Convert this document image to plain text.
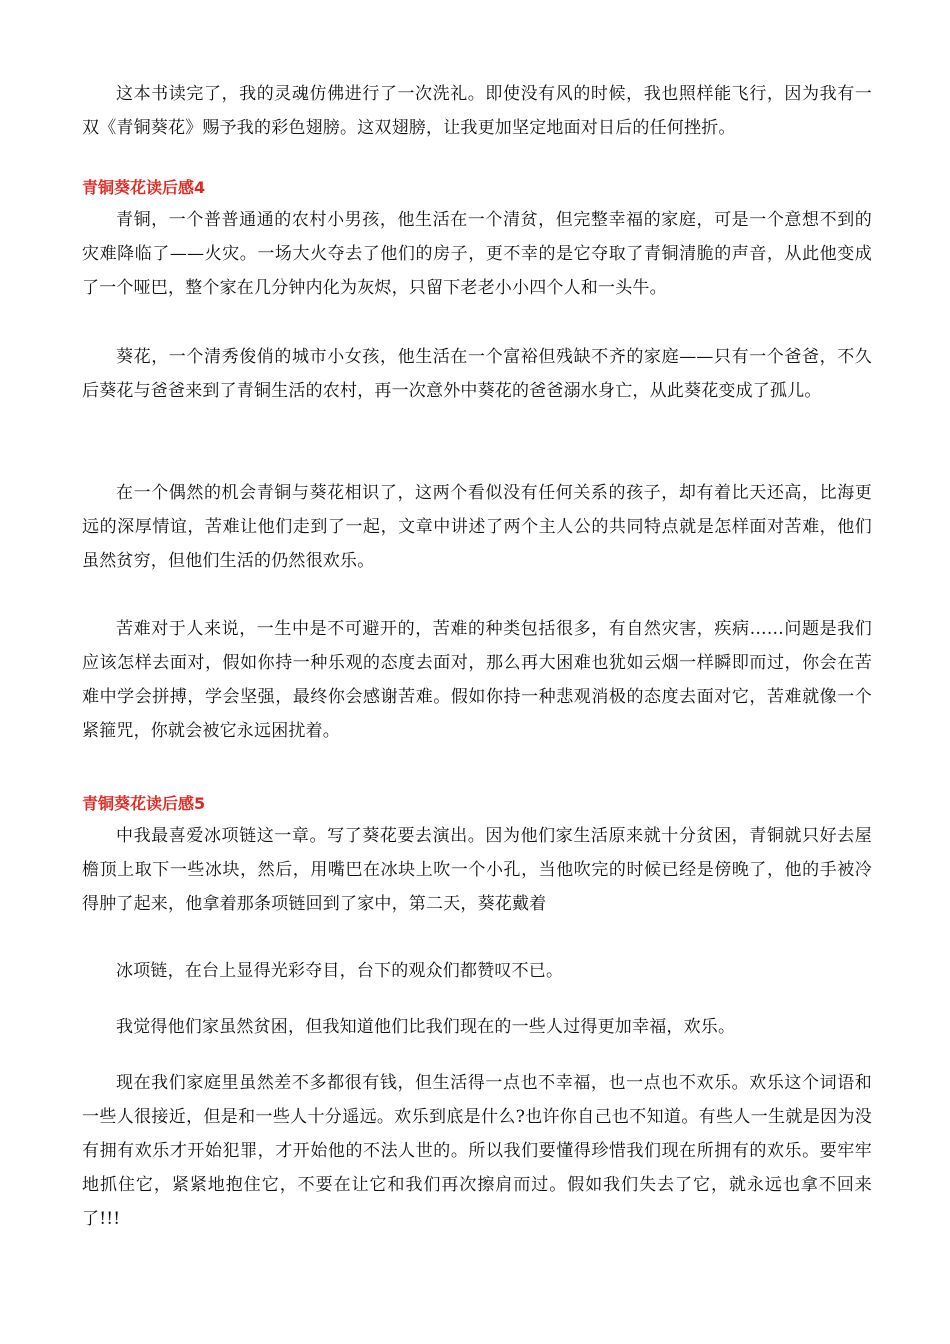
这本书读完了，我的灵魂仿佛进行了一次洗礼。即使没有风的时候，我也照样能飞行，因为我有一双《青铜葵花》赐予我的彩色翅膀。这双翅膀，让我更加坚定地面对日后的任何挫折。

青铜葵花读后感4

青铜，一个普普通通的农村小男孩，他生活在一个清贫，但完整幸福的家庭，可是一个意想不到的灾难降临了——火灾。一场大火夺去了他们的房子，更不幸的是它夺取了青铜清脆的声音，从此他变成了一个哑巴，整个家在几分钟内化为灰烬，只留下老老小小四个人和一头牛。

葵花，一个清秀俊俏的城市小女孩，他生活在一个富裕但残缺不齐的家庭——只有一个爸爸，不久后葵花与爸爸来到了青铜生活的农村，再一次意外中葵花的爸爸溺水身亡，从此葵花变成了孤儿。

在一个偶然的机会青铜与葵花相识了，这两个看似没有任何关系的孩子，却有着比天还高，比海更远的深厚情谊，苦难让他们走到了一起，文章中讲述了两个主人公的共同特点就是怎样面对苦难，他们虽然贫穷，但他们生活的仍然很欢乐。

苦难对于人来说，一生中是不可避开的，苦难的种类包括很多，有自然灾害，疾病……问题是我们应该怎样去面对，假如你持一种乐观的态度去面对，那么再大困难也犹如云烟一样瞬即而过，你会在苦难中学会拼搏，学会坚强，最终你会感谢苦难。假如你持一种悲观消极的态度去面对它，苦难就像一个紧箍咒，你就会被它永远困扰着。

青铜葵花读后感5

中我最喜爱冰项链这一章。写了葵花要去演出。因为他们家生活原来就十分贫困，青铜就只好去屋檐顶上取下一些冰块，然后，用嘴巴在冰块上吹一个小孔，当他吹完的时候已经是傍晚了，他的手被冷得肿了起来，他拿着那条项链回到了家中，第二天，葵花戴着

冰项链，在台上显得光彩夺目，台下的观众们都赞叹不已。

我觉得他们家虽然贫困，但我知道他们比我们现在的一些人过得更加幸福，欢乐。

现在我们家庭里虽然差不多都很有钱，但生活得一点也不幸福，也一点也不欢乐。欢乐这个词语和一些人很接近，但是和一些人十分遥远。欢乐到底是什么?也许你自己也不知道。有些人一生就是因为没有拥有欢乐才开始犯罪，才开始他的不法人世的。所以我们要懂得珍惜我们现在所拥有的欢乐。要牢牢地抓住它，紧紧地抱住它，不要在让它和我们再次擦肩而过。假如我们失去了它，就永远也拿不回来了!!!
